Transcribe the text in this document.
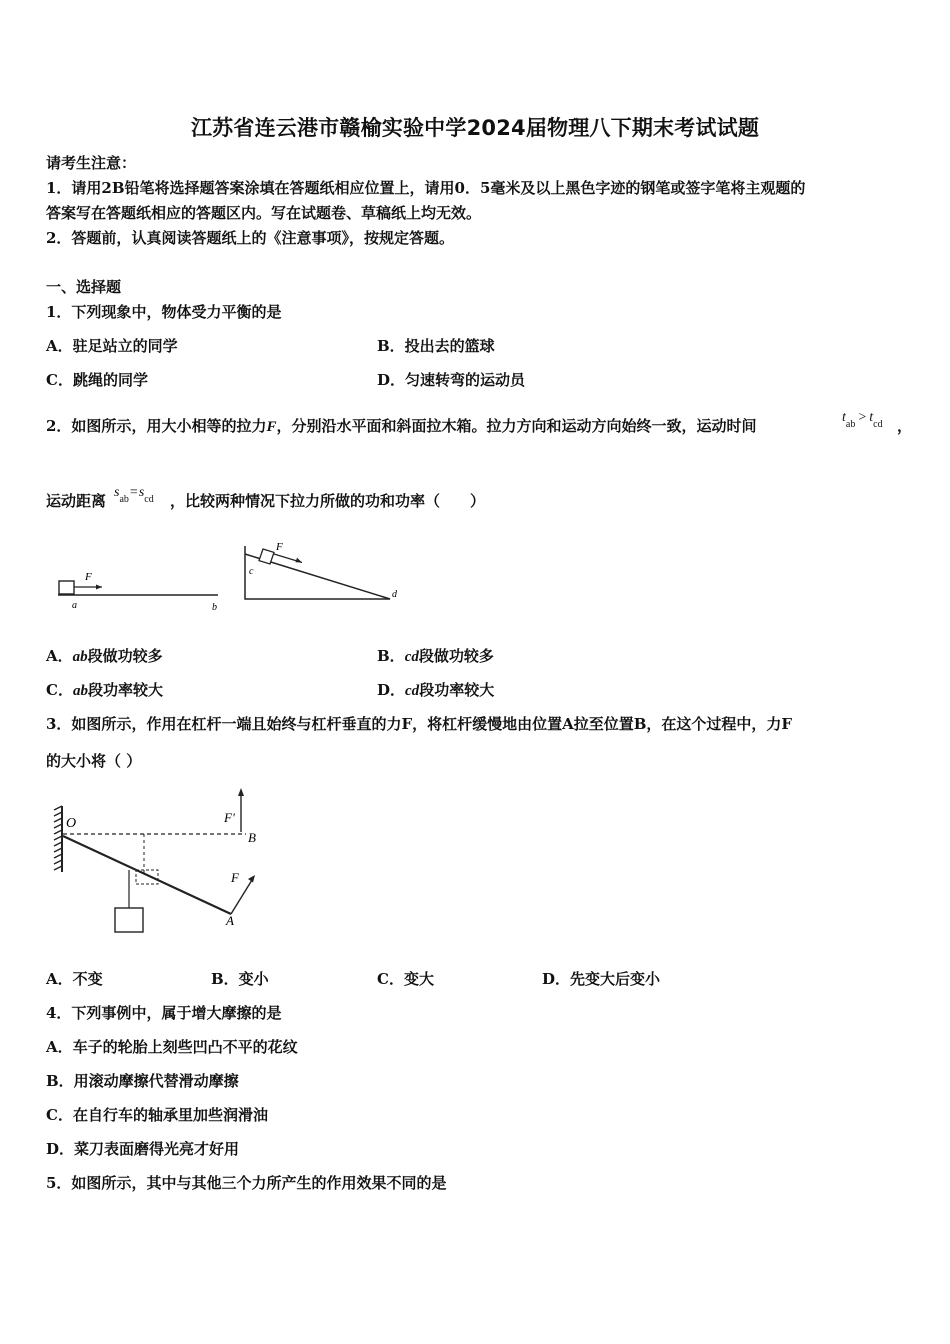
江苏省连云港市赣榆实验中学2024届物理八下期末考试试题
请考生注意：
1．请用2B铅笔将选择题答案涂填在答题纸相应位置上，请用0．5毫米及以上黑色字迹的钢笔或签字笔将主观题的
答案写在答题纸相应的答题区内。写在试题卷、草稿纸上均无效。
2．答题前，认真阅读答题纸上的《注意事项》，按规定答题。
一、选择题
1．下列现象中，物体受力平衡的是
A．驻足站立的同学	B．投出去的篮球
C．跳绳的同学	D．匀速转弯的运动员
2．如图所示，用大小相等的拉力F，分别沿水平面和斜面拉木箱。拉力方向和运动方向始终一致，运动时间	$t_{ab} > t_{cd}$ ，
运动距离 $s_{ab}=s_{cd}$ ，比较两种情况下拉力所做的功和功率（　　）
F
a	b
F
c
d
A．ab段做功较多	B．cd段做功较多
C．ab段功率较大	D．cd段功率较大
3．如图所示，作用在杠杆一端且始终与杠杆垂直的力F，将杠杆缓慢地由位置A拉至位置B，在这个过程中，力F
的大小将（ ）
O
B
F'
F
A
A．不变	B．变小	C．变大	D．先变大后变小
4．下列事例中，属于增大摩擦的是
A．车子的轮胎上刻些凹凸不平的花纹
B．用滚动摩擦代替滑动摩擦
C．在自行车的轴承里加些润滑油
D．菜刀表面磨得光亮才好用
5．如图所示，其中与其他三个力所产生的作用效果不同的是
